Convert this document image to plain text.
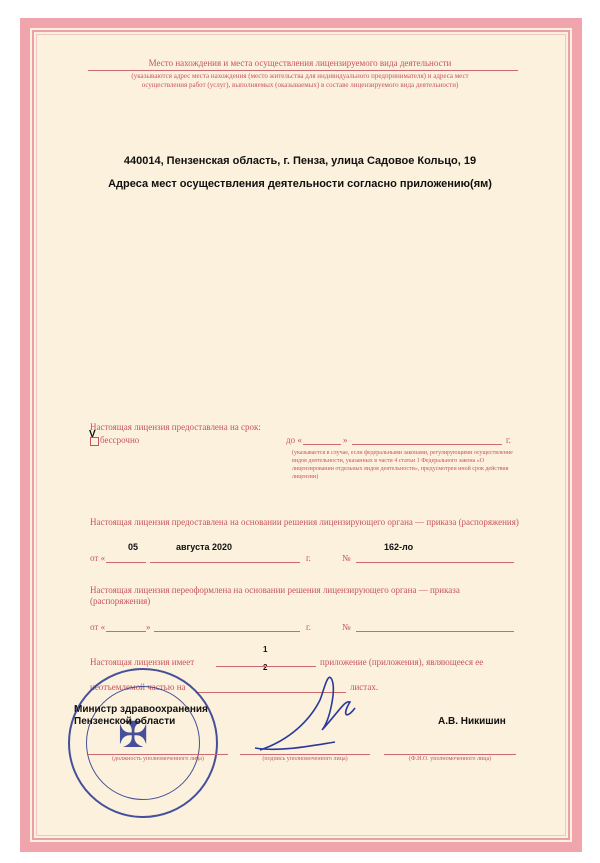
Место нахождения и места осуществления лицензируемого вида деятельности
(указываются адрес места нахождения (место жительства для индивидуального предпринимателя) и адреса мест
осуществления работ (услуг), выполняемых (оказываемых) в составе лицензируемого вида деятельности)
440014, Пензенская область, г. Пенза, улица Садовое Кольцо, 19
Адреса мест осуществления деятельности согласно приложению(ям)
Настоящая лицензия предоставлена на срок:
V бессрочно	до «	»	г.
(указывается в случае, если федеральными законами, регулирующими осуществление видов деятельности, указанных в части 4 статьи 1 Федерального закона «О лицензировании отдельных видов деятельности», предусмотрен иной срок действия лицензии)
Настоящая лицензия предоставлена на основании решения лицензирующего органа — приказа (распоряжения)
от «
05	августа 2020
г.	№
162-ло
Настоящая лицензия переоформлена на основании решения лицензирующего органа — приказа (распоряжения)
от «	»	г.	№
Настоящая лицензия имеет
1
2
приложение (приложения), являющееся ее
неотъемлемой частью на	листах.
✠
Министр здравоохранения
Пензенской области	А.В. Никишин
(должность уполномоченного лица)	(подпись уполномоченного лица)	(Ф.И.О. уполномоченного лица)
